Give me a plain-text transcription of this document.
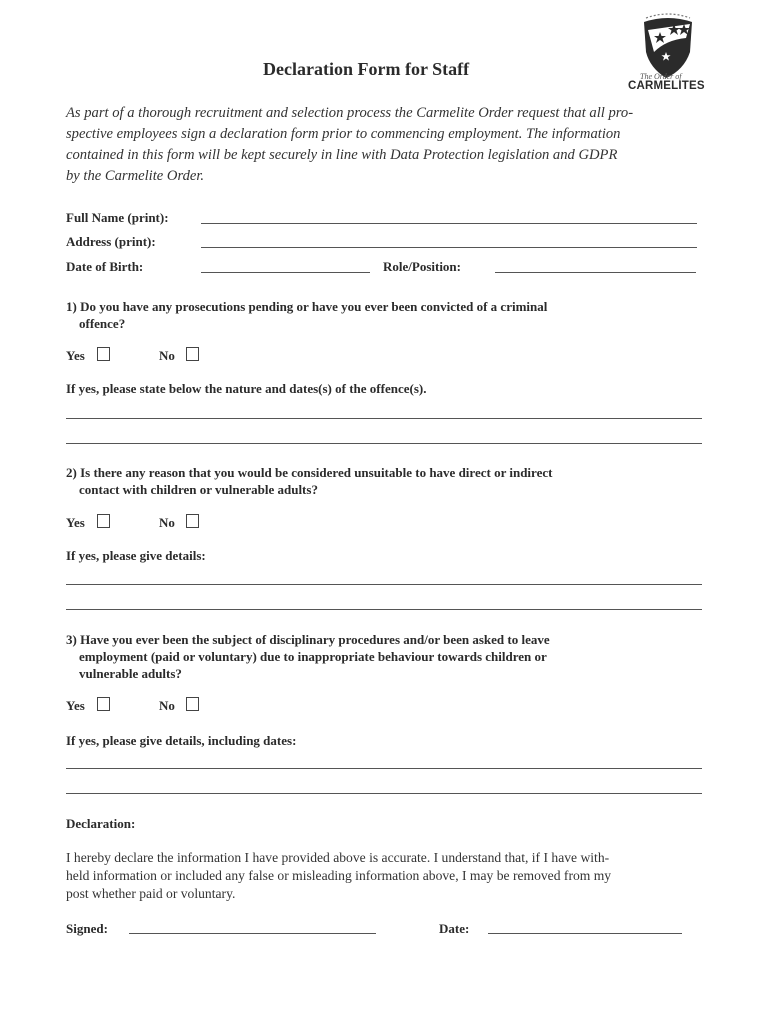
The Order of
CARMELITES
Declaration Form for Staff
As part of a thorough recruitment and selection process the Carmelite Order request that all pro-
spective employees sign a declaration form prior to commencing employment. The information
contained in this form will be kept securely in line with Data Protection legislation and GDPR
by the Carmelite Order.
Full Name (print):
Address (print):
Date of Birth:	Role/Position:
1) Do you have any prosecutions pending or have you ever been convicted of a criminal
offence?
Yes	No
If yes, please state below the nature and dates(s) of the offence(s).
2) Is there any reason that you would be considered unsuitable to have direct or indirect
contact with children or vulnerable adults?
Yes	No
If yes, please give details:
3) Have you ever been the subject of disciplinary procedures and/or been asked to leave
employment (paid or voluntary) due to inappropriate behaviour towards children or
vulnerable adults?
Yes	No
If yes, please give details, including dates:
Declaration:
I hereby declare the information I have provided above is accurate. I understand that, if I have with-
held information or included any false or misleading information above, I may be removed from my
post whether paid or voluntary.
Signed:	Date:
